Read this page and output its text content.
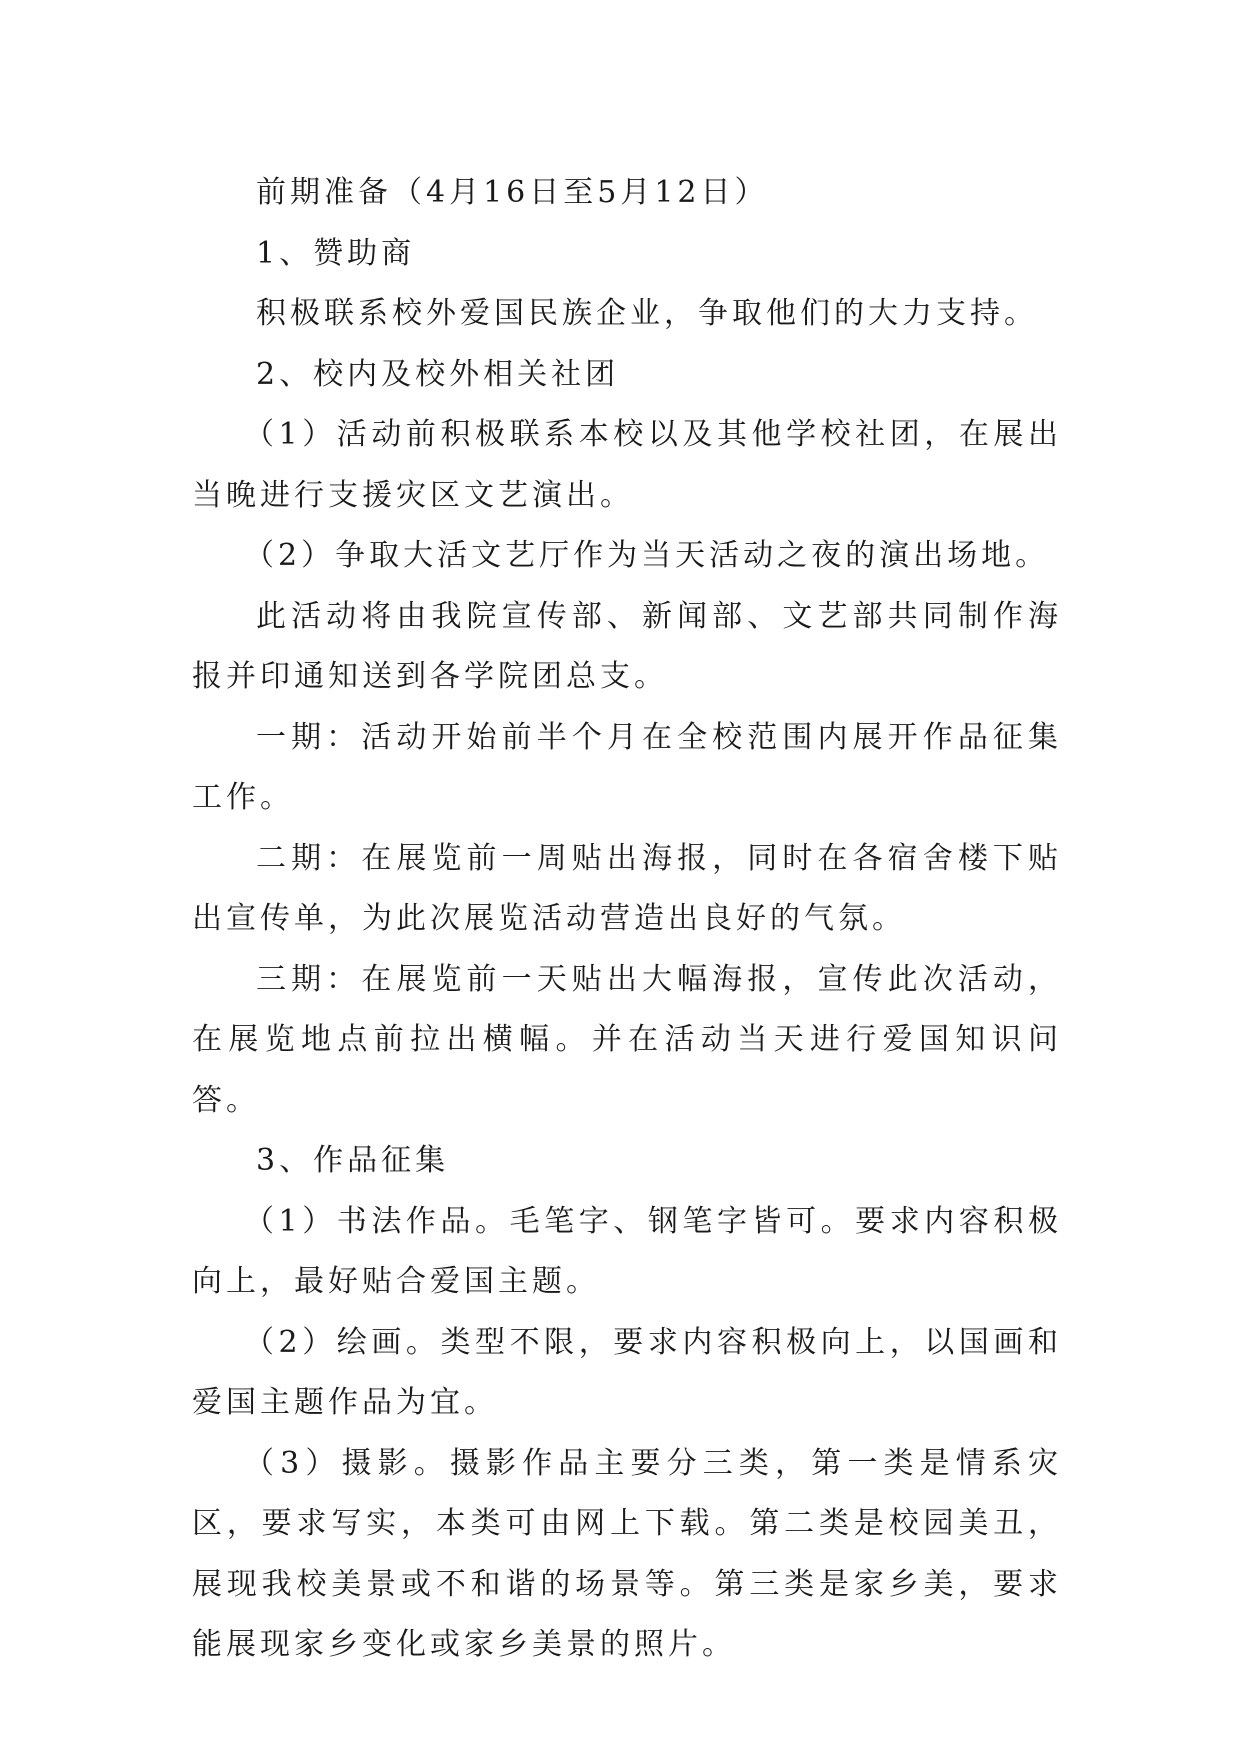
前期准备（4月16日至5月12日）

1、赞助商

积极联系校外爱国民族企业，争取他们的大力支持。

2、校内及校外相关社团

（1）活动前积极联系本校以及其他学校社团，在展出当晚进行支援灾区文艺演出。

（2）争取大活文艺厅作为当天活动之夜的演出场地。

此活动将由我院宣传部、新闻部、文艺部共同制作海报并印通知送到各学院团总支。

一期：活动开始前半个月在全校范围内展开作品征集工作。

二期：在展览前一周贴出海报，同时在各宿舍楼下贴出宣传单，为此次展览活动营造出良好的气氛。

三期：在展览前一天贴出大幅海报，宣传此次活动，在展览地点前拉出横幅。并在活动当天进行爱国知识问答。

3、作品征集

（1）书法作品。毛笔字、钢笔字皆可。要求内容积极向上，最好贴合爱国主题。

（2）绘画。类型不限，要求内容积极向上，以国画和爱国主题作品为宜。

（3）摄影。摄影作品主要分三类，第一类是情系灾区，要求写实，本类可由网上下载。第二类是校园美丑，展现我校美景或不和谐的场景等。第三类是家乡美，要求能展现家乡变化或家乡美景的照片。
